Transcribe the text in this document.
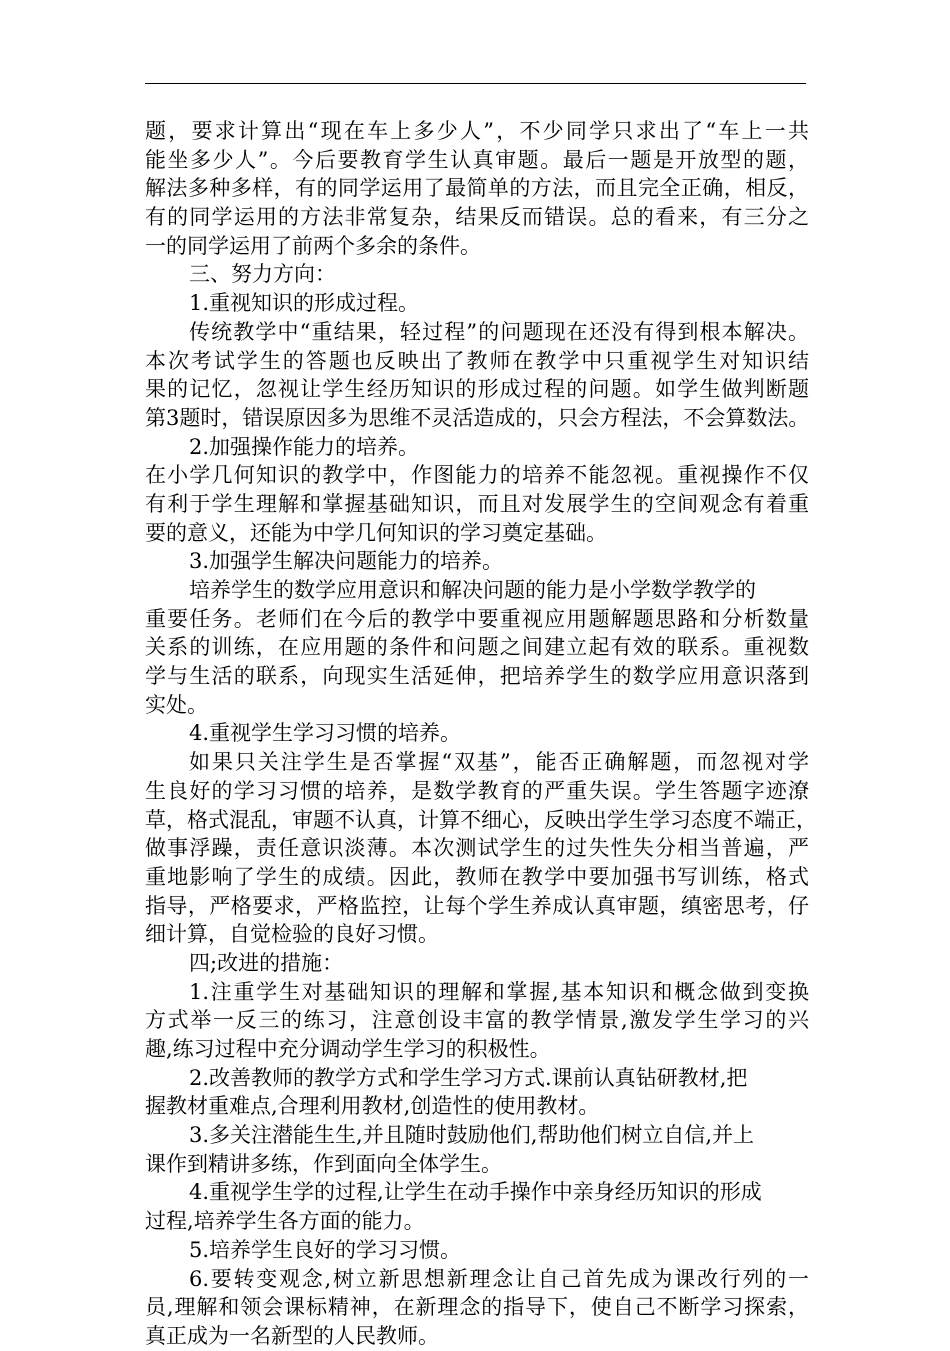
题，要求计算出“现在车上多少人”，不少同学只求出了“车上一共
能坐多少人”。今后要教育学生认真审题。最后一题是开放型的题，
解法多种多样，有的同学运用了最简单的方法，而且完全正确，相反，
有的同学运用的方法非常复杂，结果反而错误。总的看来，有三分之
一的同学运用了前两个多余的条件。
三、努力方向：
1.重视知识的形成过程。
传统教学中“重结果，轻过程”的问题现在还没有得到根本解决。
本次考试学生的答题也反映出了教师在教学中只重视学生对知识结
果的记忆，忽视让学生经历知识的形成过程的问题。如学生做判断题
第3题时，错误原因多为思维不灵活造成的，只会方程法，不会算数法。
2.加强操作能力的培养。
在小学几何知识的教学中，作图能力的培养不能忽视。重视操作不仅
有利于学生理解和掌握基础知识，而且对发展学生的空间观念有着重
要的意义，还能为中学几何知识的学习奠定基础。
3.加强学生解决问题能力的培养。
培养学生的数学应用意识和解决问题的能力是小学数学教学的
重要任务。老师们在今后的教学中要重视应用题解题思路和分析数量
关系的训练，在应用题的条件和问题之间建立起有效的联系。重视数
学与生活的联系，向现实生活延伸，把培养学生的数学应用意识落到
实处。
4.重视学生学习习惯的培养。
如果只关注学生是否掌握“双基”，能否正确解题，而忽视对学
生良好的学习习惯的培养，是数学教育的严重失误。学生答题字迹潦
草，格式混乱，审题不认真，计算不细心，反映出学生学习态度不端正，
做事浮躁，责任意识淡薄。本次测试学生的过失性失分相当普遍，严
重地影响了学生的成绩。因此，教师在教学中要加强书写训练，格式
指导，严格要求，严格监控，让每个学生养成认真审题，缜密思考，仔
细计算，自觉检验的良好习惯。
四;改进的措施：
1.注重学生对基础知识的理解和掌握,基本知识和概念做到变换
方式举一反三的练习，注意创设丰富的教学情景,激发学生学习的兴
趣,练习过程中充分调动学生学习的积极性。
2.改善教师的教学方式和学生学习方式.课前认真钻研教材,把
握教材重难点,合理利用教材,创造性的使用教材。
3.多关注潜能生生,并且随时鼓励他们,帮助他们树立自信,并上
课作到精讲多练，作到面向全体学生。
4.重视学生学的过程,让学生在动手操作中亲身经历知识的形成
过程,培养学生各方面的能力。
5.培养学生良好的学习习惯。
6.要转变观念,树立新思想新理念让自己首先成为课改行列的一
员,理解和领会课标精神，在新理念的指导下，使自己不断学习探索，
真正成为一名新型的人民教师。
